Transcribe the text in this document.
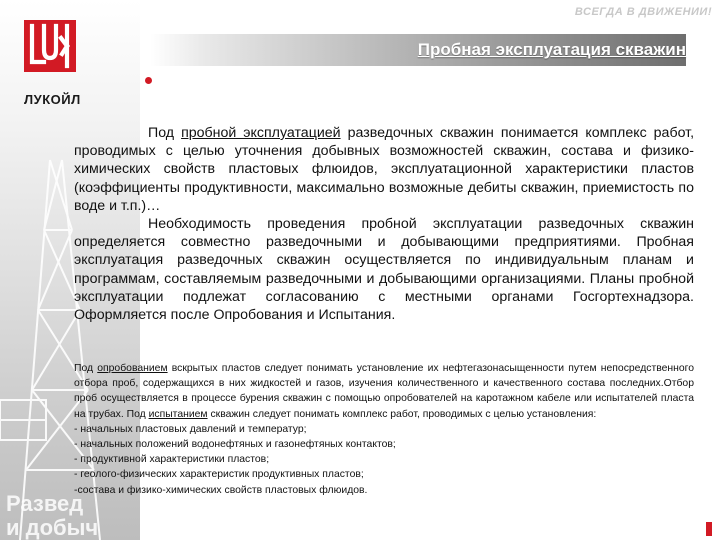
ЛУКОЙЛ
Развед
и добыч
ВСЕГДА В ДВИЖЕНИИ!
Пробная эксплуатация скважин

Под пробной эксплуатацией разведочных скважин понимается комплекс работ, проводимых с целью уточнения добывных возможностей скважин, состава и физико-химических свойств пластовых флюидов, эксплуатационной характеристики пластов (коэффициенты продуктивности, максимально возможные дебиты скважин, приемистость по воде и т.п.)…

Необходимость проведения пробной эксплуатации разведочных скважин определяется совместно разведочными и добывающими предприятиями. Пробная эксплуатация разведочных скважин осуществляется по индивидуальным планам и программам, составляемым разведочными и добывающими организациями. Планы пробной эксплуатации подлежат согласованию с местными органами Госгортехнадзора. Оформляется после Опробования и Испытания.

Под опробованием вскрытых пластов следует понимать установление их нефтегазонасыщенности путем непосредственного отбора проб, содержащихся в них жидкостей и газов, изучения количественного и качественного состава последних.Отбор проб осуществляется в процессе бурения скважин с помощью опробователей на каротажном кабеле или испытателей пласта на трубах. Под испытанием скважин следует понимать комплекс работ, проводимых с целью установления:

- начальных пластовых давлений и температур;

- начальных положений водонефтяных и газонефтяных контактов;

- продуктивной характеристики пластов;

- геолого-физических характеристик продуктивных пластов;

-состава и физико-химических свойств пластовых флюидов.
